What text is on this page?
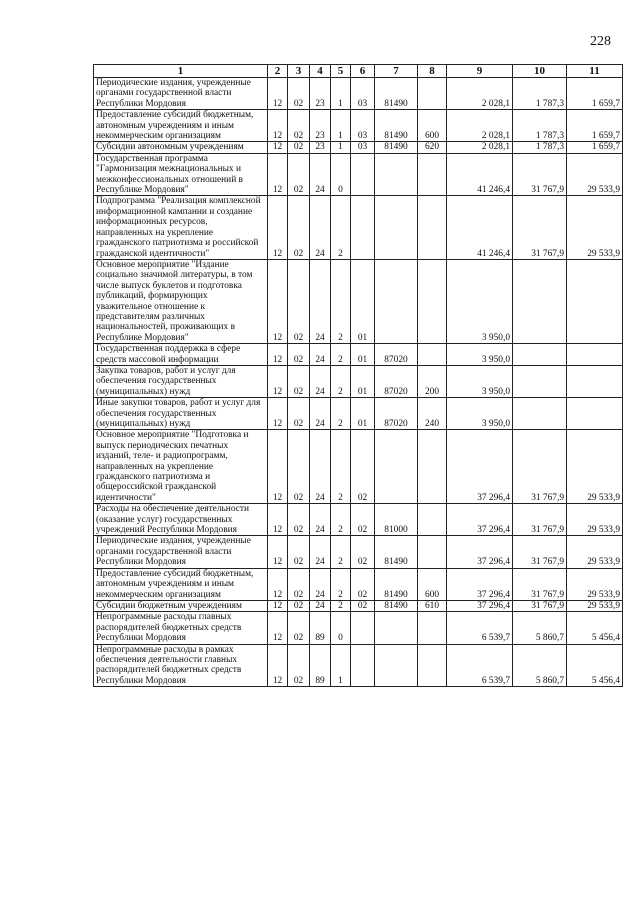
228
1	2	3	4	5	6	7	8	9	10	11
Периодические издания, учрежденные органами государственной власти Республики Мордовия	12	02	23	1	03	81490		2 028,1	1 787,3	1 659,7
Предоставление субсидий бюджетным, автономным учреждениям и иным некоммерческим организациям	12	02	23	1	03	81490	600	2 028,1	1 787,3	1 659,7
Субсидии автономным учреждениям	12	02	23	1	03	81490	620	2 028,1	1 787,3	1 659,7
Государственная программа "Гармонизация межнациональных и межконфессиональных отношений в Республике Мордовия"	12	02	24	0				41 246,4	31 767,9	29 533,9
Подпрограмма "Реализация комплексной информационной кампании и создание информационных ресурсов, направленных на укрепление гражданского патриотизма и российской гражданской идентичности"	12	02	24	2				41 246,4	31 767,9	29 533,9
Основное мероприятие "Издание социально значимой литературы, в том числе выпуск буклетов и подготовка публикаций, формирующих уважительное отношение к представителям различных национальностей, проживающих в Республике Мордовия"	12	02	24	2	01			3 950,0		
Государственная поддержка в сфере средств массовой информации	12	02	24	2	01	87020		3 950,0		
Закупка товаров, работ и услуг для обеспечения государственных (муниципальных) нужд	12	02	24	2	01	87020	200	3 950,0		
Иные закупки товаров, работ и услуг для обеспечения государственных (муниципальных) нужд	12	02	24	2	01	87020	240	3 950,0		
Основное мероприятие "Подготовка и выпуск периодических печатных изданий, теле- и радиопрограмм, направленных на укрепление гражданского патриотизма и общероссийской гражданской идентичности"	12	02	24	2	02			37 296,4	31 767,9	29 533,9
Расходы на обеспечение деятельности (оказание услуг) государственных учреждений Республики Мордовия	12	02	24	2	02	81000		37 296,4	31 767,9	29 533,9
Периодические издания, учрежденные органами государственной власти Республики Мордовия	12	02	24	2	02	81490		37 296,4	31 767,9	29 533,9
Предоставление субсидий бюджетным, автономным учреждениям и иным некоммерческим организациям	12	02	24	2	02	81490	600	37 296,4	31 767,9	29 533,9
Субсидии бюджетным учреждениям	12	02	24	2	02	81490	610	37 296,4	31 767,9	29 533,9
Непрограммные расходы главных распорядителей бюджетных средств Республики Мордовия	12	02	89	0				6 539,7	5 860,7	5 456,4
Непрограммные расходы в рамках обеспечения деятельности главных распорядителей бюджетных средств Республики Мордовия	12	02	89	1				6 539,7	5 860,7	5 456,4
